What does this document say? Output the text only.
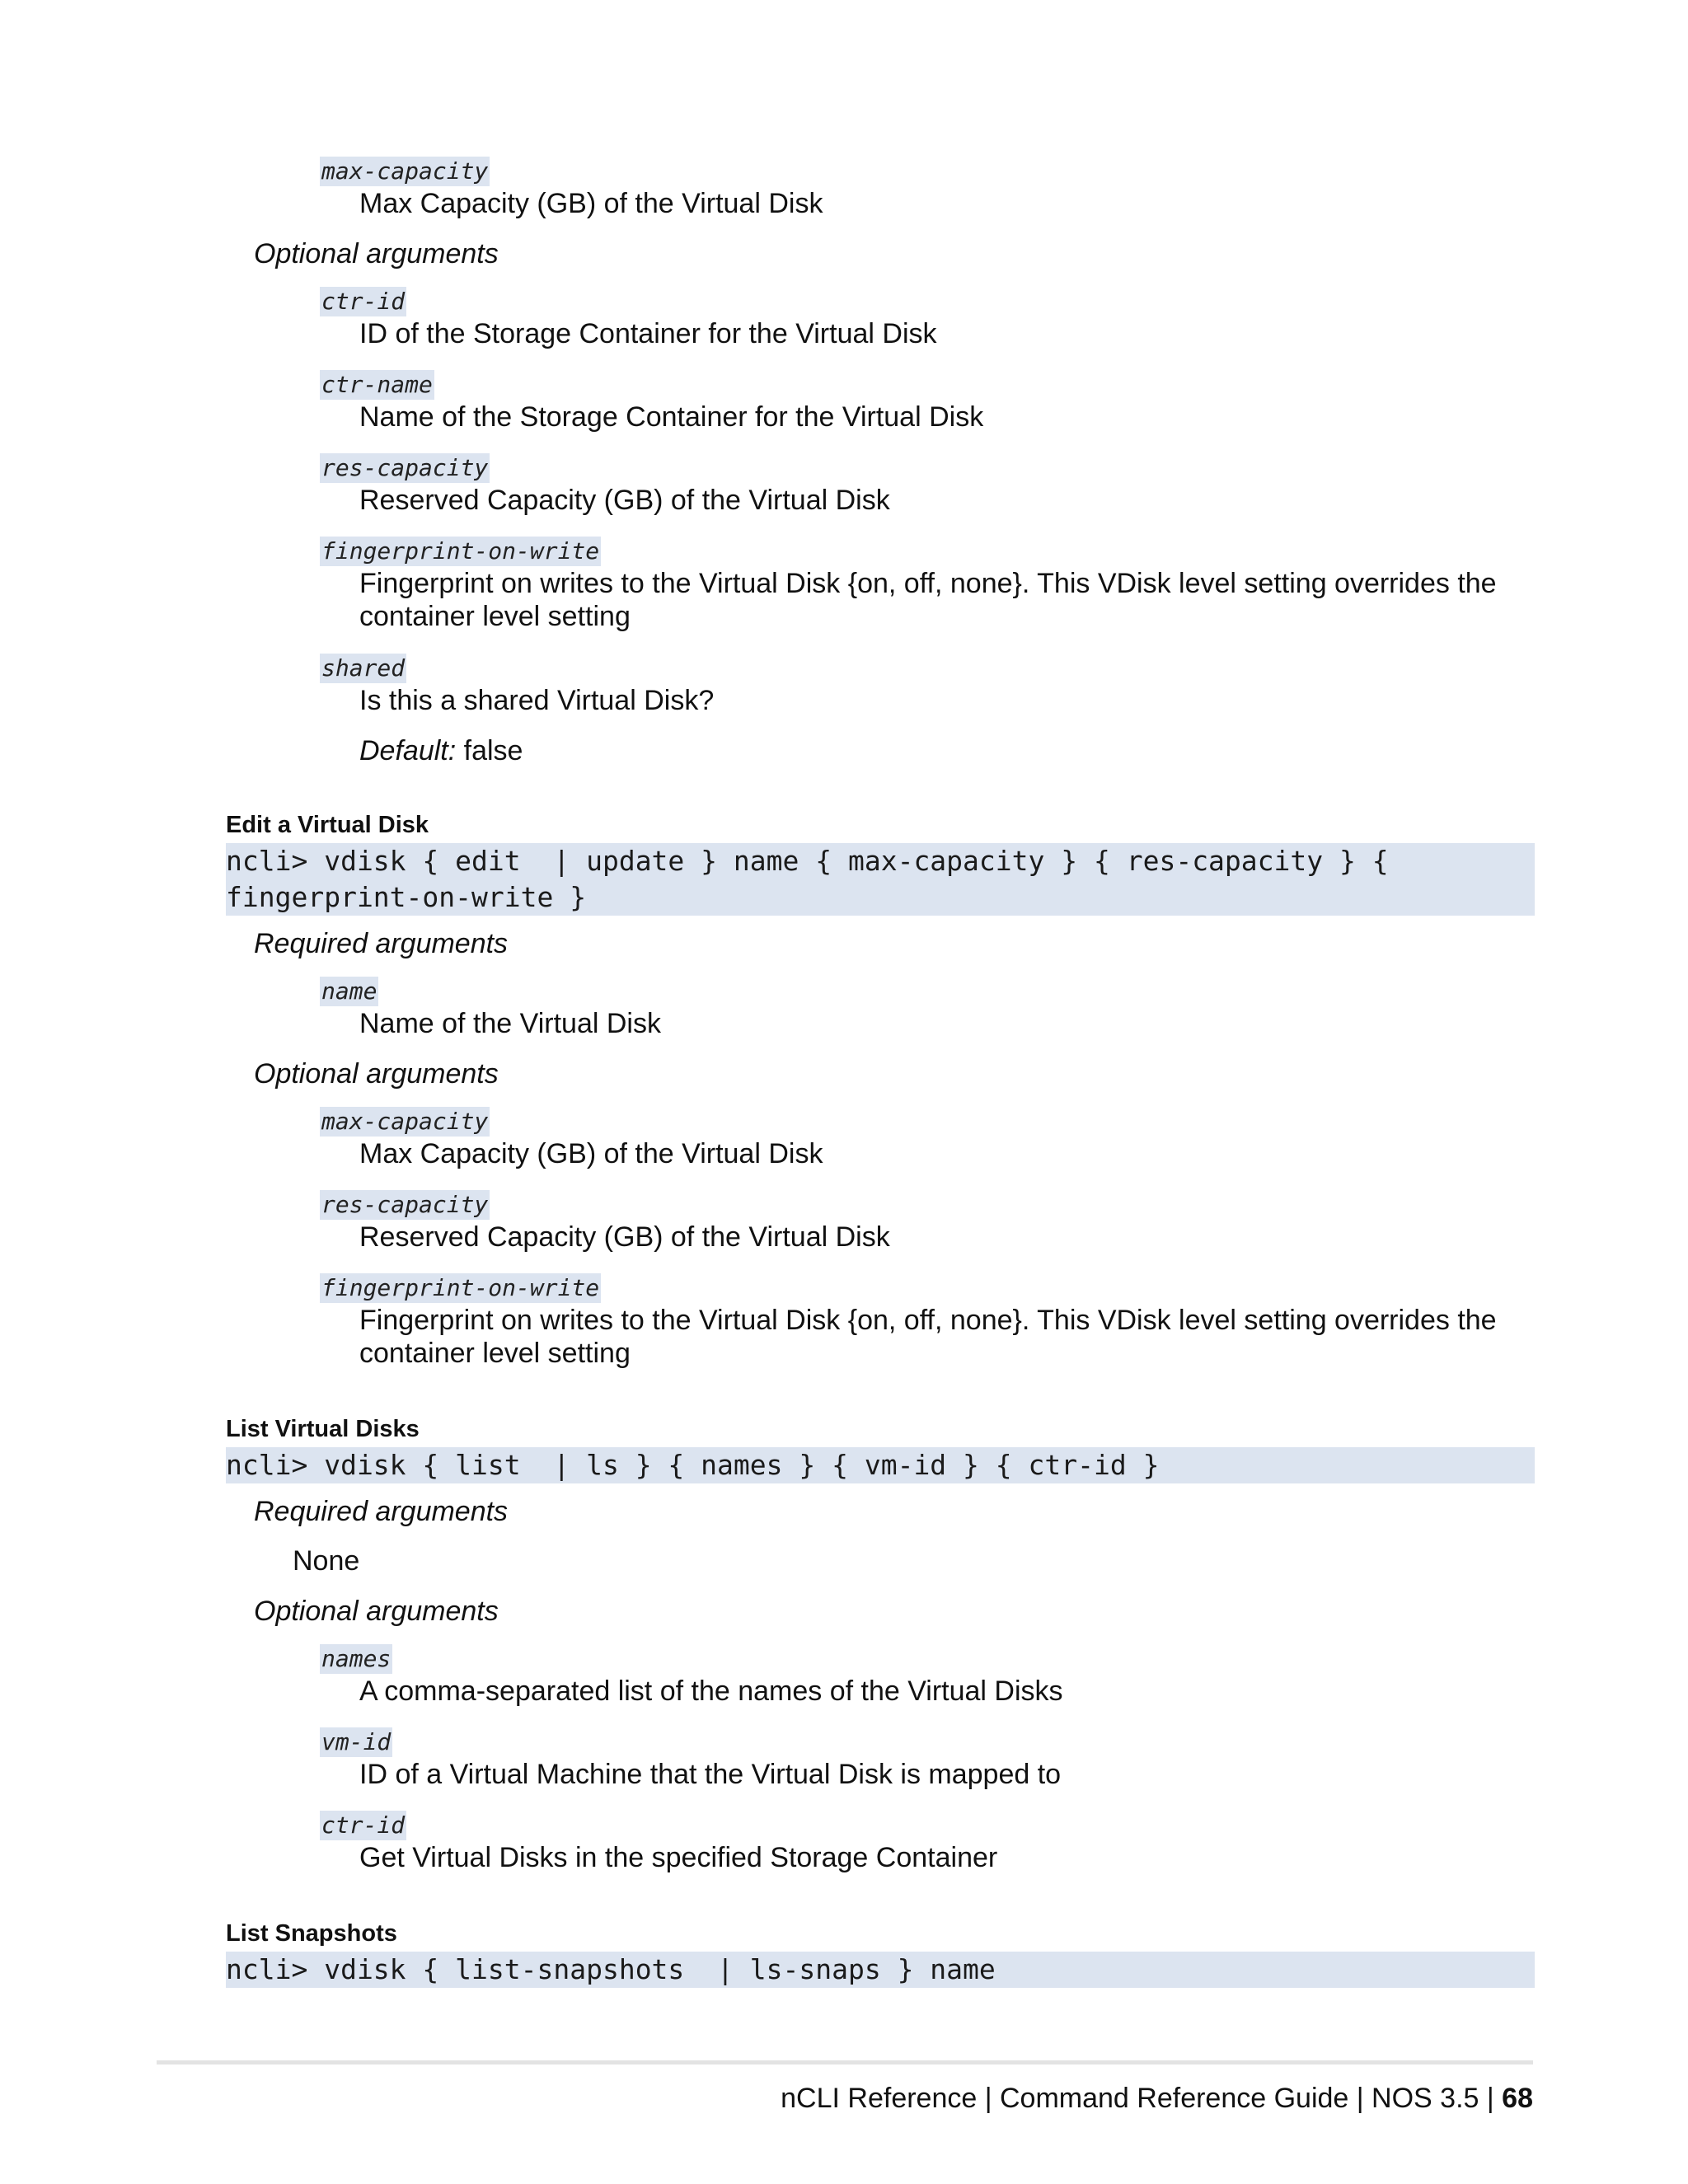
max-capacity
Max Capacity (GB) of the Virtual Disk
Optional arguments
ctr-id
ID of the Storage Container for the Virtual Disk
ctr-name
Name of the Storage Container for the Virtual Disk
res-capacity
Reserved Capacity (GB) of the Virtual Disk
fingerprint-on-write
Fingerprint on writes to the Virtual Disk {on, off, none}. This VDisk level setting overrides the container level setting
shared
Is this a shared Virtual Disk?
Default: false
Edit a Virtual Disk
ncli> vdisk { edit  | update } name { max-capacity } { res-capacity } { fingerprint-on-write }
Required arguments
name
Name of the Virtual Disk
Optional arguments
max-capacity
Max Capacity (GB) of the Virtual Disk
res-capacity
Reserved Capacity (GB) of the Virtual Disk
fingerprint-on-write
Fingerprint on writes to the Virtual Disk {on, off, none}. This VDisk level setting overrides the container level setting
List Virtual Disks
ncli> vdisk { list  | ls } { names } { vm-id } { ctr-id }
Required arguments
None
Optional arguments
names
A comma-separated list of the names of the Virtual Disks
vm-id
ID of a Virtual Machine that the Virtual Disk is mapped to
ctr-id
Get Virtual Disks in the specified Storage Container
List Snapshots
ncli> vdisk { list-snapshots  | ls-snaps } name
nCLI Reference | Command Reference Guide | NOS 3.5 | 68
